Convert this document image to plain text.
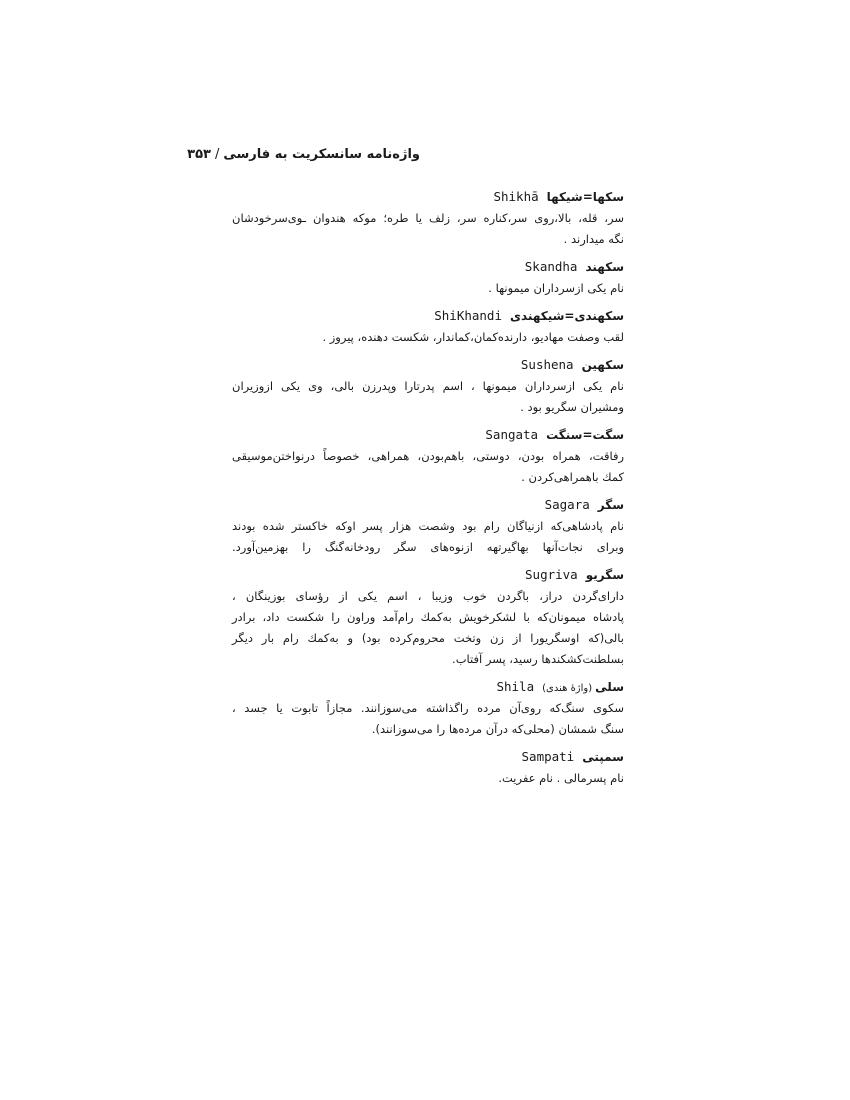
واژه‌نامه سانسکریت به فارسی/۳۵۳
سکها=شیکهاShikhā
سر، قله، بالا،روی سر،کناره سر، زلف یا طره؛ موکه هندوان ـوی‌سرخودشان
نگه میدارند .
سکهندSkandha
نام یکی ازسرداران میمونها .
سکهندی=شیکهندیShiKhandi
لقب وصفت مهادیو، دارنده‌کمان،کماندار، شکست دهنده، پیروز .
سکهینSushena
نام یکی ازسرداران میمونها ، اسم پدرتارا وپدرزن بالی، وی یکی ازوزیران
ومشیران سگریو بود .
سگت=سنگتSangata
رفاقت، همراه بودن، دوستی، باهم‌بودن، همراهی، خصوصاً درنواختن‌موسیقی
کمك باهمراهی‌کردن .
سگرSagara
نام پادشاهی‌که ازنیاگان رام بود وشصت هزار پسر اوکه خاکستر شده بودند
وبرای نجات‌آنها بهاگیرتهه ازنوه‌های سگر رودخانه‌گنگ را بهزمین‌آورد.
سگریوSugriva
دارای‌گردن دراز، باگردن خوب وزیبا ، اسم یکی از رؤسای بوزینگان ،
پادشاه میمونان‌که با لشکرخویش به‌کمك رام‌آمد وراون را شکست داد، برادر
بالی(که اوسگریورا از زن وتخت محروم‌کرده بود) و به‌کمك رام بار دیگر
بسلطنت‌کشکندها رسید، پسر آفتاب.
سلی(واژهٔ هندی)Shila
سکوی سنگ‌که روی‌آن مرده راگذاشته می‌سوزانند. مجازاً تابوت یا جسد ،
سنگ شمشان (محلی‌که درآن مرده‌ها را می‌سوزانند).
سمپتیSampati
نام پسرمالی . نام عفریت.
